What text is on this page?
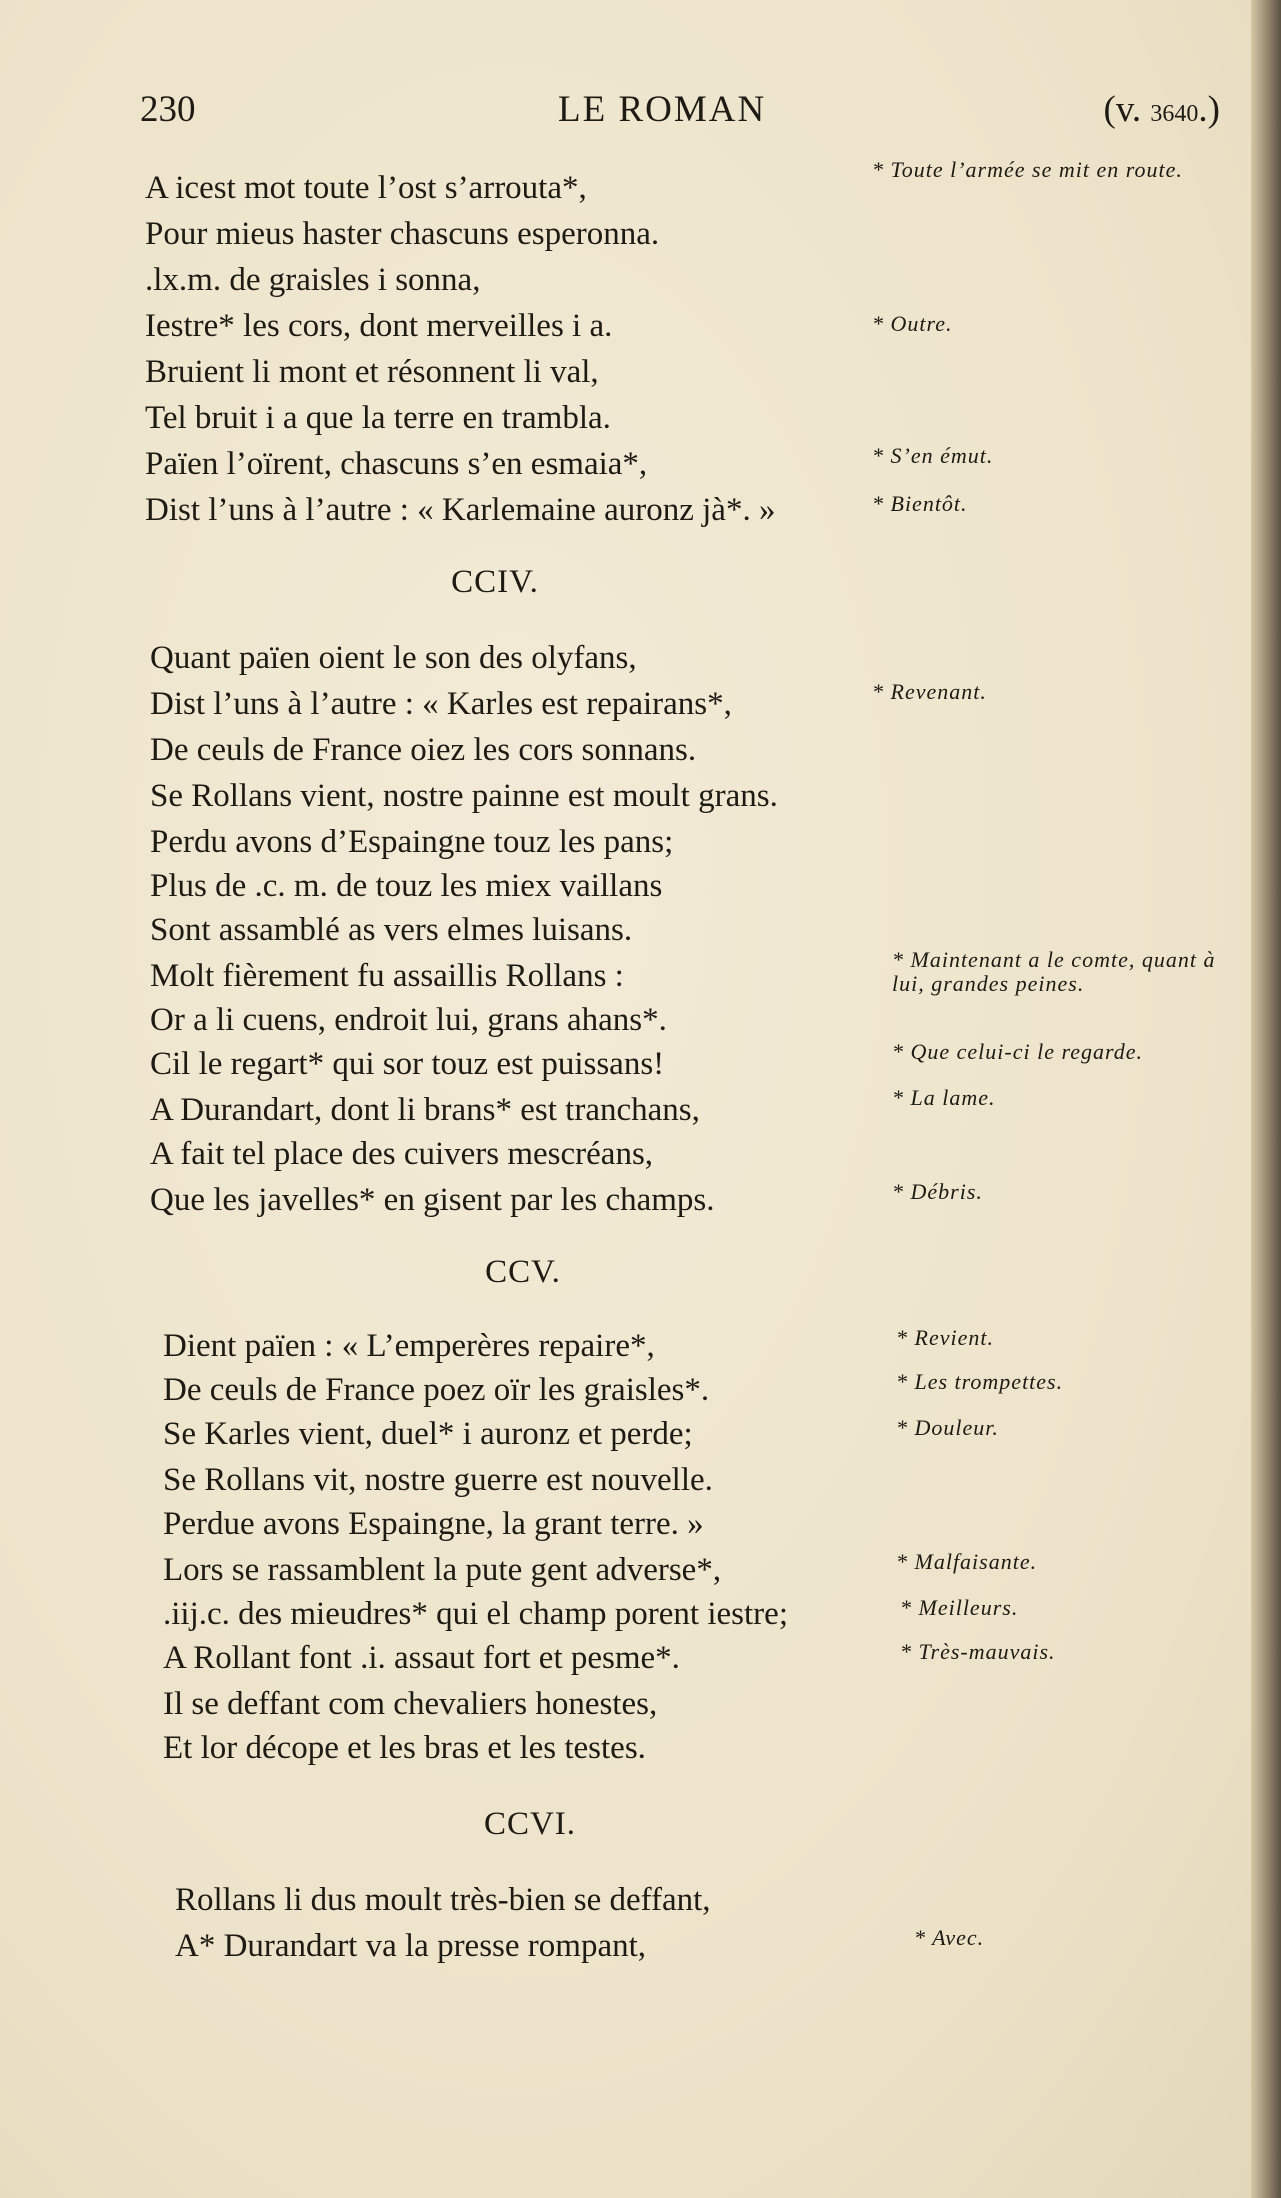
230	LE ROMAN	(v. 3640.)
A icest mot toute l’ost s’arrouta*,
Pour mieus haster chascuns esperonna.
.lx.m. de graisles i sonna,
Iestre* les cors, dont merveilles i a.
Bruient li mont et résonnent li val,
Tel bruit i a que la terre en trambla.
Païen l’oïrent, chascuns s’en esmaia*,
Dist l’uns à l’autre : « Karlemaine auronz jà*. »
* Toute l’armée se mit en route.
* Outre.
* S’en émut.
* Bientôt.
CCIV.
Quant païen oient le son des olyfans,
Dist l’uns à l’autre : « Karles est repairans*,
De ceuls de France oiez les cors sonnans.
Se Rollans vient, nostre painne est moult grans.
Perdu avons d’Espaingne touz les pans;
Plus de .c. m. de touz les miex vaillans
Sont assamblé as vers elmes luisans.
Molt fièrement fu assaillis Rollans :
Or a li cuens, endroit lui, grans ahans*.
Cil le regart* qui sor touz est puissans!
A Durandart, dont li brans* est tranchans,
A fait tel place des cuivers mescréans,
Que les javelles* en gisent par les champs.
* Revenant.
* Maintenant a le comte, quant à lui, grandes peines.
* Que celui-ci le regarde.
* La lame.
* Débris.
CCV.
Dient païen : « L’emperères repaire*,
De ceuls de France poez oïr les graisles*.
Se Karles vient, duel* i auronz et perde;
Se Rollans vit, nostre guerre est nouvelle.
Perdue avons Espaingne, la grant terre. »
Lors se rassamblent la pute gent adverse*,
.iij.c. des mieudres* qui el champ porent iestre;
A Rollant font .i. assaut fort et pesme*.
Il se deffant com chevaliers honestes,
Et lor décope et les bras et les testes.
* Revient.
* Les trompettes.
* Douleur.
* Malfaisante.
* Meilleurs.
* Très-mauvais.
CCVI.
Rollans li dus moult très-bien se deffant,
A* Durandart va la presse rompant,	* Avec.
